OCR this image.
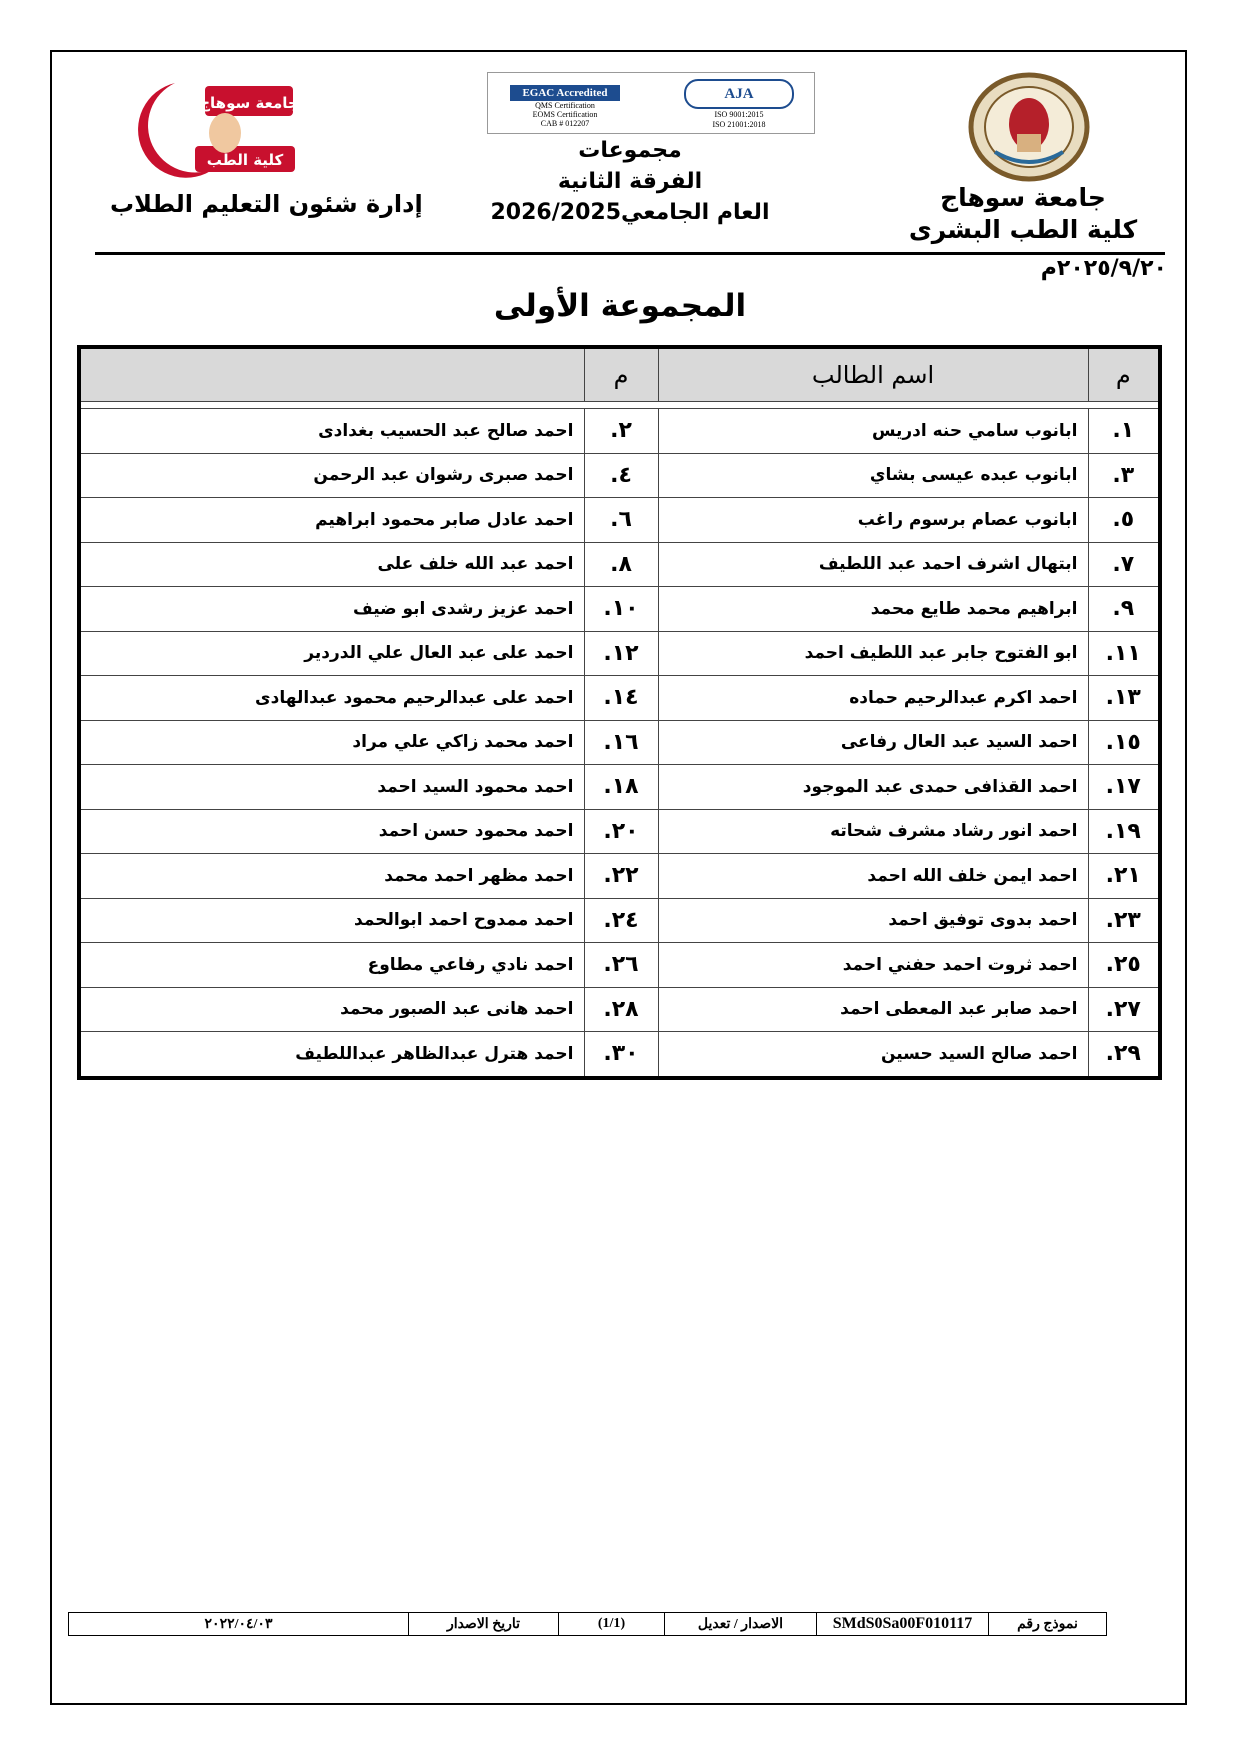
جامعة سوهاج
كلية الطب
EGAC Accredited
QMS Certification
EOMS Certification
CAB # 012207
AJA
ISO 9001:2015
ISO 21001:2018
جامعة سوهاج
كلية الطب البشرى
مجموعات
الفرقة الثانية
العام الجامعي2026/2025
إدارة شئون التعليم الطلاب
٢٠٢٥/٩/٢٠م
المجموعة الأولى
م	اسم الطالب	م	

١.	ابانوب سامي حنه ادريس	٢.	احمد صالح عبد الحسيب بغدادى
٣.	ابانوب عبده عيسى بشاي	٤.	احمد صبرى رشوان عبد الرحمن
٥.	ابانوب عصام برسوم راغب	٦.	احمد عادل صابر محمود ابراهيم
٧.	ابتهال اشرف احمد عبد اللطيف	٨.	احمد عبد الله خلف على
٩.	ابراهيم محمد طايع محمد	١٠.	احمد عزيز رشدى ابو ضيف
١١.	ابو الفتوح جابر عبد اللطيف احمد	١٢.	احمد على عبد العال علي الدردير
١٣.	احمد اكرم عبدالرحيم حماده	١٤.	احمد على عبدالرحيم محمود عبدالهادى
١٥.	احمد السيد عبد العال رفاعى	١٦.	احمد محمد زاكي علي مراد
١٧.	احمد القذافى حمدى عبد الموجود	١٨.	احمد محمود السيد احمد
١٩.	احمد انور رشاد مشرف شحاته	٢٠.	احمد محمود حسن احمد
٢١.	احمد ايمن خلف الله احمد	٢٢.	احمد مظهر احمد محمد
٢٣.	احمد بدوى توفيق احمد	٢٤.	احمد ممدوح احمد ابوالحمد
٢٥.	احمد ثروت احمد حفني احمد	٢٦.	احمد نادي رفاعي مطاوع
٢٧.	احمد صابر عبد المعطى احمد	٢٨.	احمد هانى عبد الصبور محمد
٢٩.	احمد صالح السيد حسين	٣٠.	احمد هترل عبدالظاهر عبداللطيف
نموذج رقم	SMdS0Sa00F010117	الاصدار / تعديل	(1/1)	تاريخ الاصدار	٢٠٢٢/٠٤/٠٣
